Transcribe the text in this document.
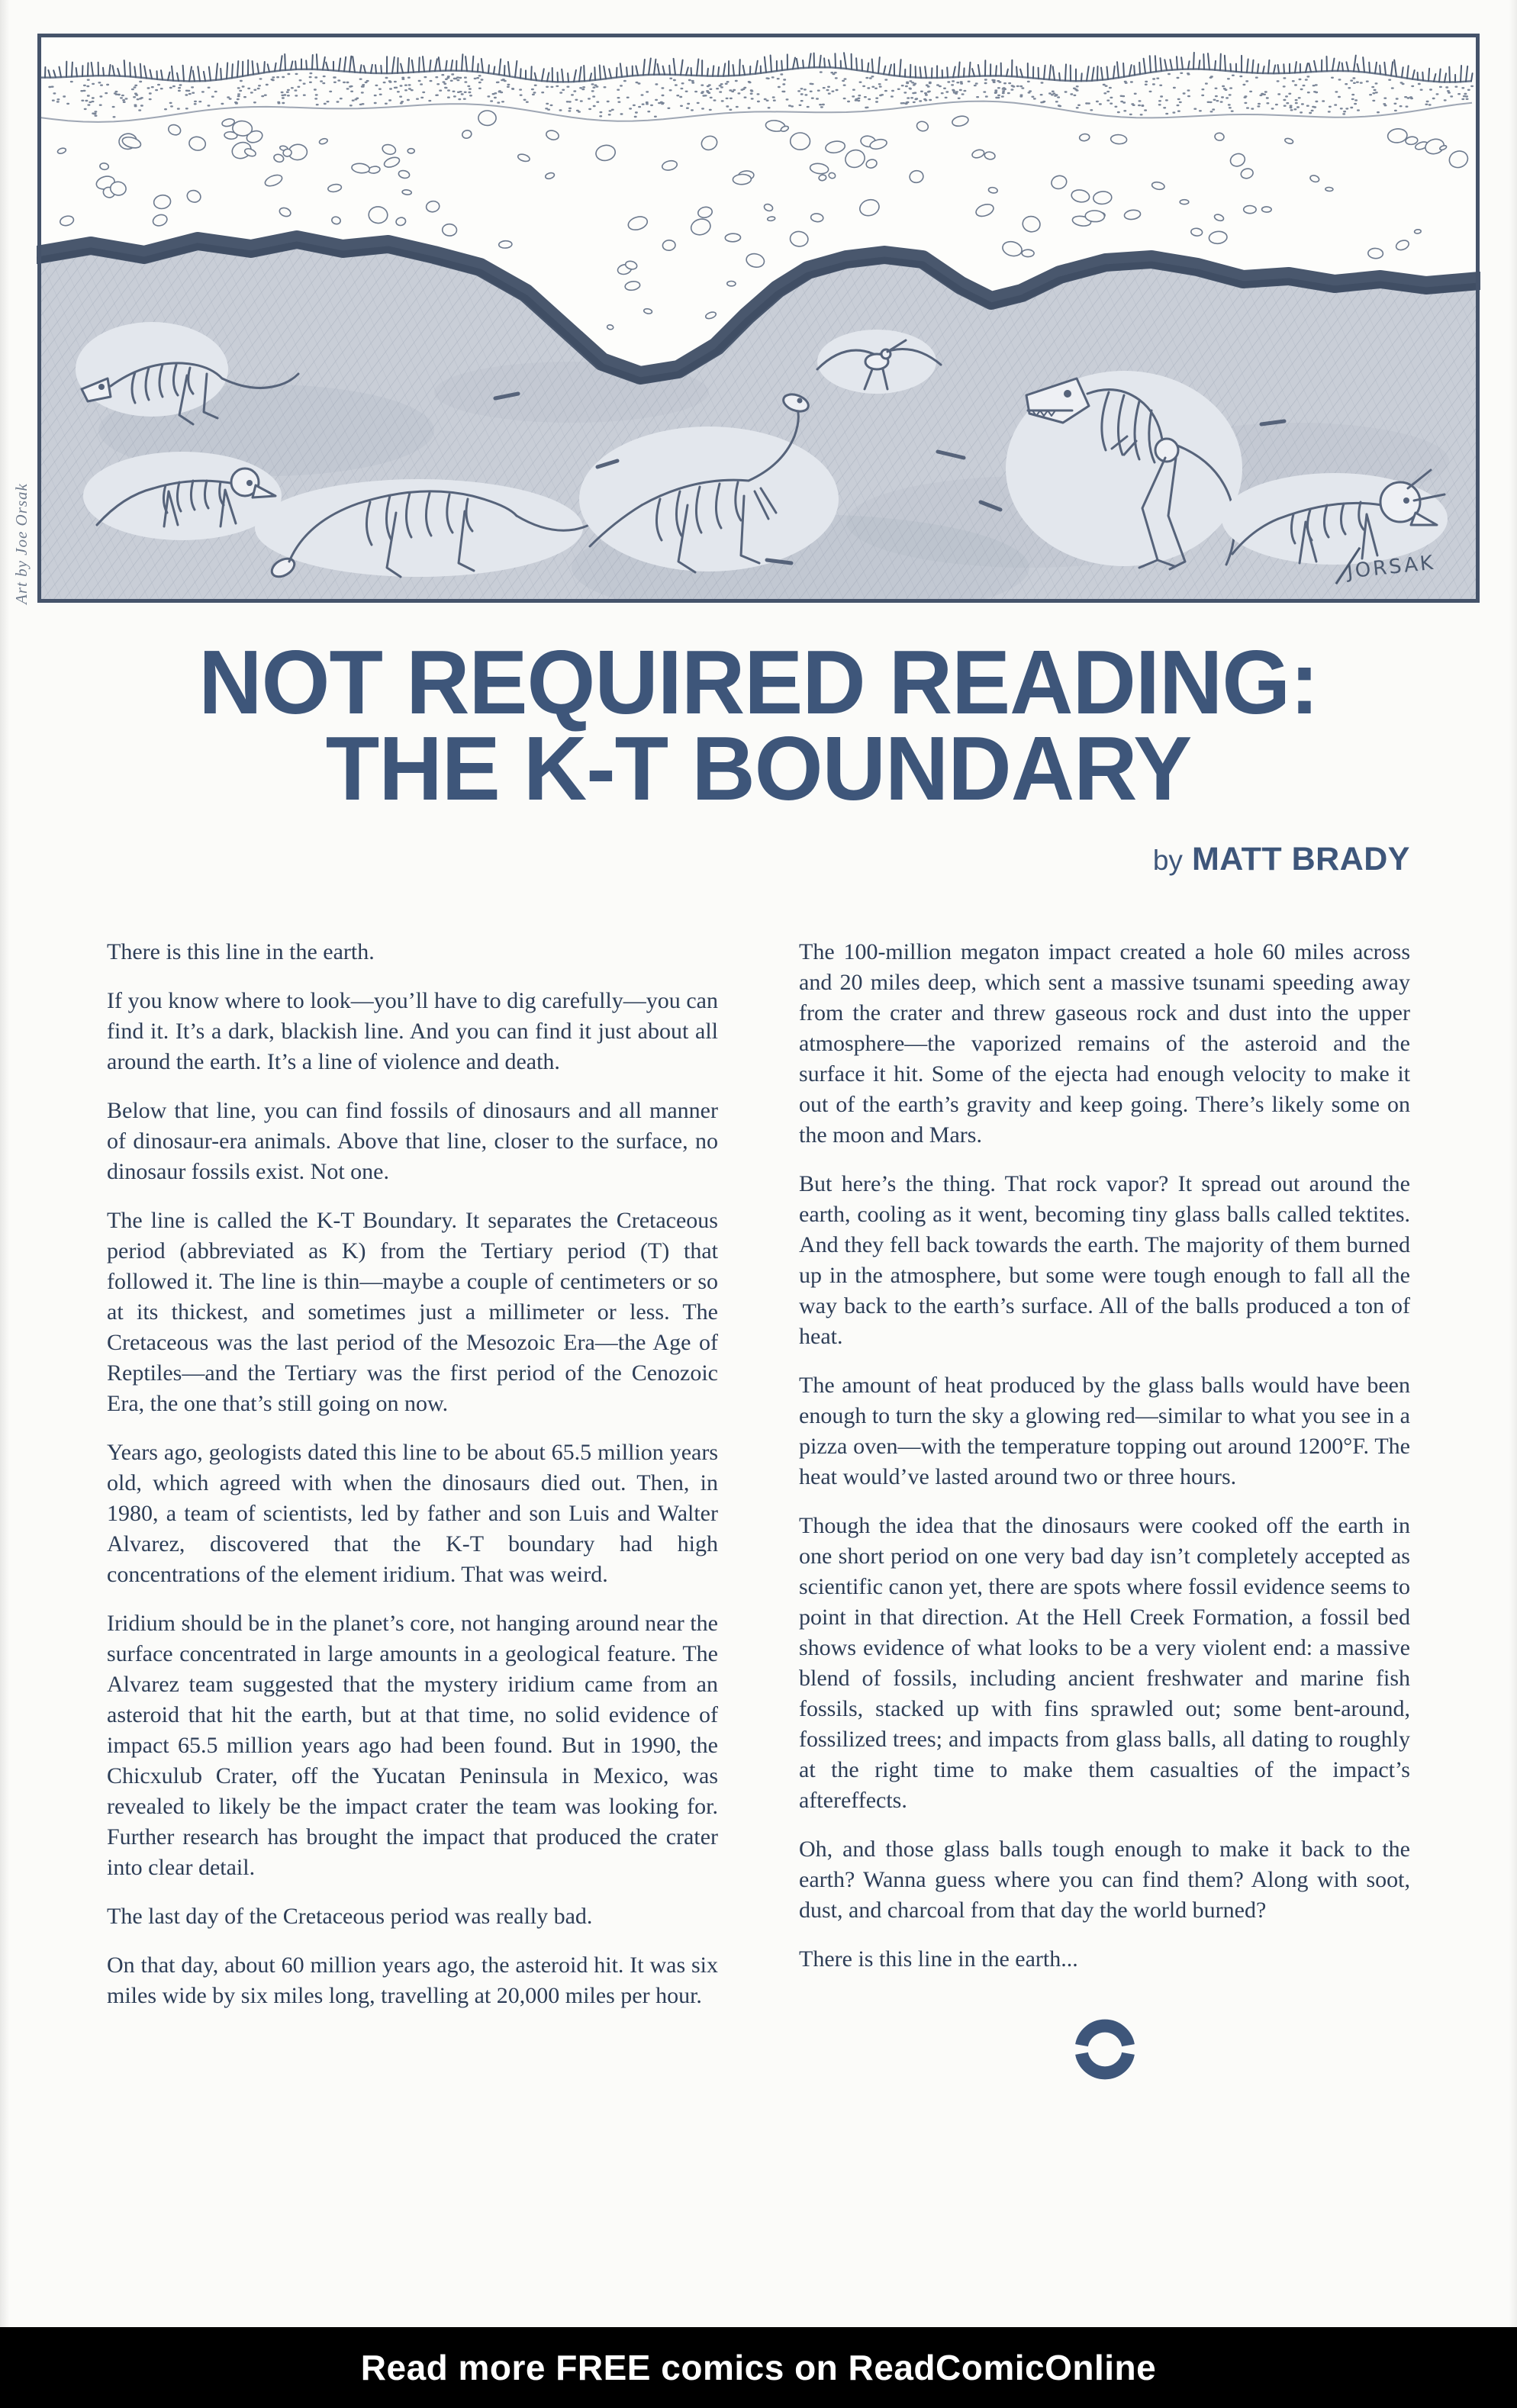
Art by Joe Orsak	JORSAK
NOT REQUIRED READING:
THE K-T BOUNDARY
by MATT BRADY

There is this line in the earth.

If you know where to look—you’ll have to dig carefully—you can find it. It’s a dark, blackish line. And you can find it just about all around the earth. It’s a line of violence and death.

Below that line, you can find fossils of dinosaurs and all manner of dinosaur-era animals. Above that line, closer to the surface, no dinosaur fossils exist. Not one.

The line is called the K-T Boundary. It separates the Cretaceous period (abbreviated as K) from the Tertiary period (T) that followed it. The line is thin—maybe a couple of centimeters or so at its thickest, and sometimes just a millimeter or less. The Cretaceous was the last period of the Mesozoic Era—the Age of Reptiles—and the Tertiary was the first period of the Cenozoic Era, the one that’s still going on now.

Years ago, geologists dated this line to be about 65.5 million years old, which agreed with when the dinosaurs died out. Then, in 1980, a team of scientists, led by father and son Luis and Walter Alvarez, discovered that the K-T boundary had high concentrations of the element iridium. That was weird.

Iridium should be in the planet’s core, not hanging around near the surface concentrated in large amounts in a geological feature. The Alvarez team suggested that the mystery iridium came from an asteroid that hit the earth, but at that time, no solid evidence of impact 65.5 million years ago had been found. But in 1990, the Chicxulub Crater, off the Yucatan Peninsula in Mexico, was revealed to likely be the impact crater the team was looking for. Further research has brought the impact that produced the crater into clear detail.

The last day of the Cretaceous period was really bad.

On that day, about 60 million years ago, the asteroid hit. It was six miles wide by six miles long, travelling at 20,000 miles per hour.

The 100-million megaton impact created a hole 60 miles across and 20 miles deep, which sent a massive tsunami speeding away from the crater and threw gaseous rock and dust into the upper atmosphere—the vaporized remains of the asteroid and the surface it hit. Some of the ejecta had enough velocity to make it out of the earth’s gravity and keep going. There’s likely some on the moon and Mars.

But here’s the thing. That rock vapor? It spread out around the earth, cooling as it went, becoming tiny glass balls called tektites. And they fell back towards the earth. The majority of them burned up in the atmosphere, but some were tough enough to fall all the way back to the earth’s surface. All of the balls produced a ton of heat.

The amount of heat produced by the glass balls would have been enough to turn the sky a glowing red—similar to what you see in a pizza oven—with the temperature topping out around 1200°F. The heat would’ve lasted around two or three hours.

Though the idea that the dinosaurs were cooked off the earth in one short period on one very bad day isn’t completely accepted as scientific canon yet, there are spots where fossil evidence seems to point in that direction. At the Hell Creek Formation, a fossil bed shows evidence of what looks to be a very violent end: a massive blend of fossils, including ancient freshwater and marine fish fossils, stacked up with fins sprawled out; some bent-around, fossilized trees; and impacts from glass balls, all dating to roughly at the right time to make them casualties of the impact’s aftereffects.

Oh, and those glass balls tough enough to make it back to the earth? Wanna guess where you can find them? Along with soot, dust, and charcoal from that day the world burned?

There is this line in the earth...

Read more FREE comics on ReadComicOnline
